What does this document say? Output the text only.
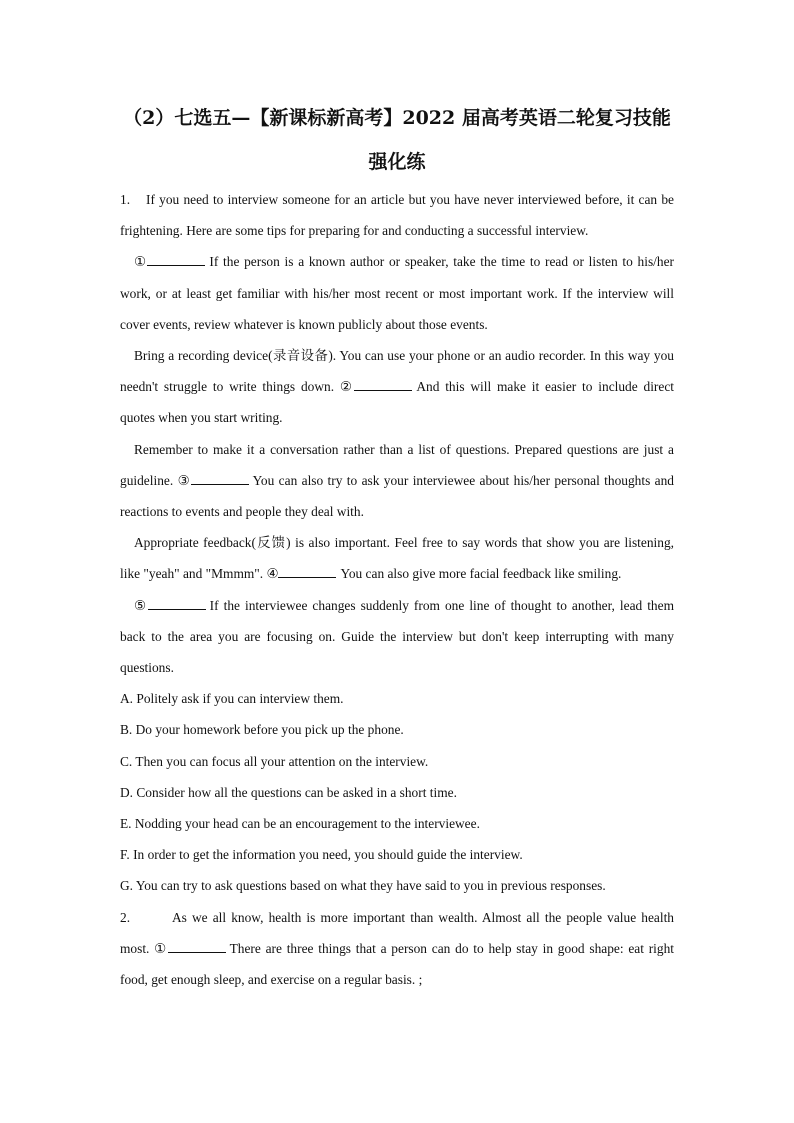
（2）七选五—【新课标新高考】2022 届高考英语二轮复习技能
强化练

1. If you need to interview someone for an article but you have never interviewed before, it can be frightening. Here are some tips for preparing for and conducting a successful interview.

①	If the person is a known author or speaker, take the time to read or listen to his/her work, or at least get familiar with his/her most recent or most important work. If the interview will cover events, review whatever is known publicly about those events.

Bring a recording device(录音设备). You can use your phone or an audio recorder. In this way you needn't struggle to write things down. ②	And this will make it easier to include direct quotes when you start writing.

Remember to make it a conversation rather than a list of questions. Prepared questions are just a guideline. ③	You can also try to ask your interviewee about his/her personal thoughts and reactions to events and people they deal with.

Appropriate feedback(反馈) is also important. Feel free to say words that show you are listening, like "yeah" and "Mmmm". ④	You can also give more facial feedback like smiling.

⑤	If the interviewee changes suddenly from one line of thought to another, lead them back to the area you are focusing on. Guide the interview but don't keep interrupting with many questions.

A. Politely ask if you can interview them.

B. Do your homework before you pick up the phone.

C. Then you can focus all your attention on the interview.

D. Consider how all the questions can be asked in a short time.

E. Nodding your head can be an encouragement to the interviewee.

F. In order to get the information you need, you should guide the interview.

G. You can try to ask questions based on what they have said to you in previous responses.

2.	As we all know, health is more important than wealth. Almost all the people value health most. ①	There are three things that a person can do to help stay in good shape: eat right food, get enough sleep, and exercise on a regular basis. ;
